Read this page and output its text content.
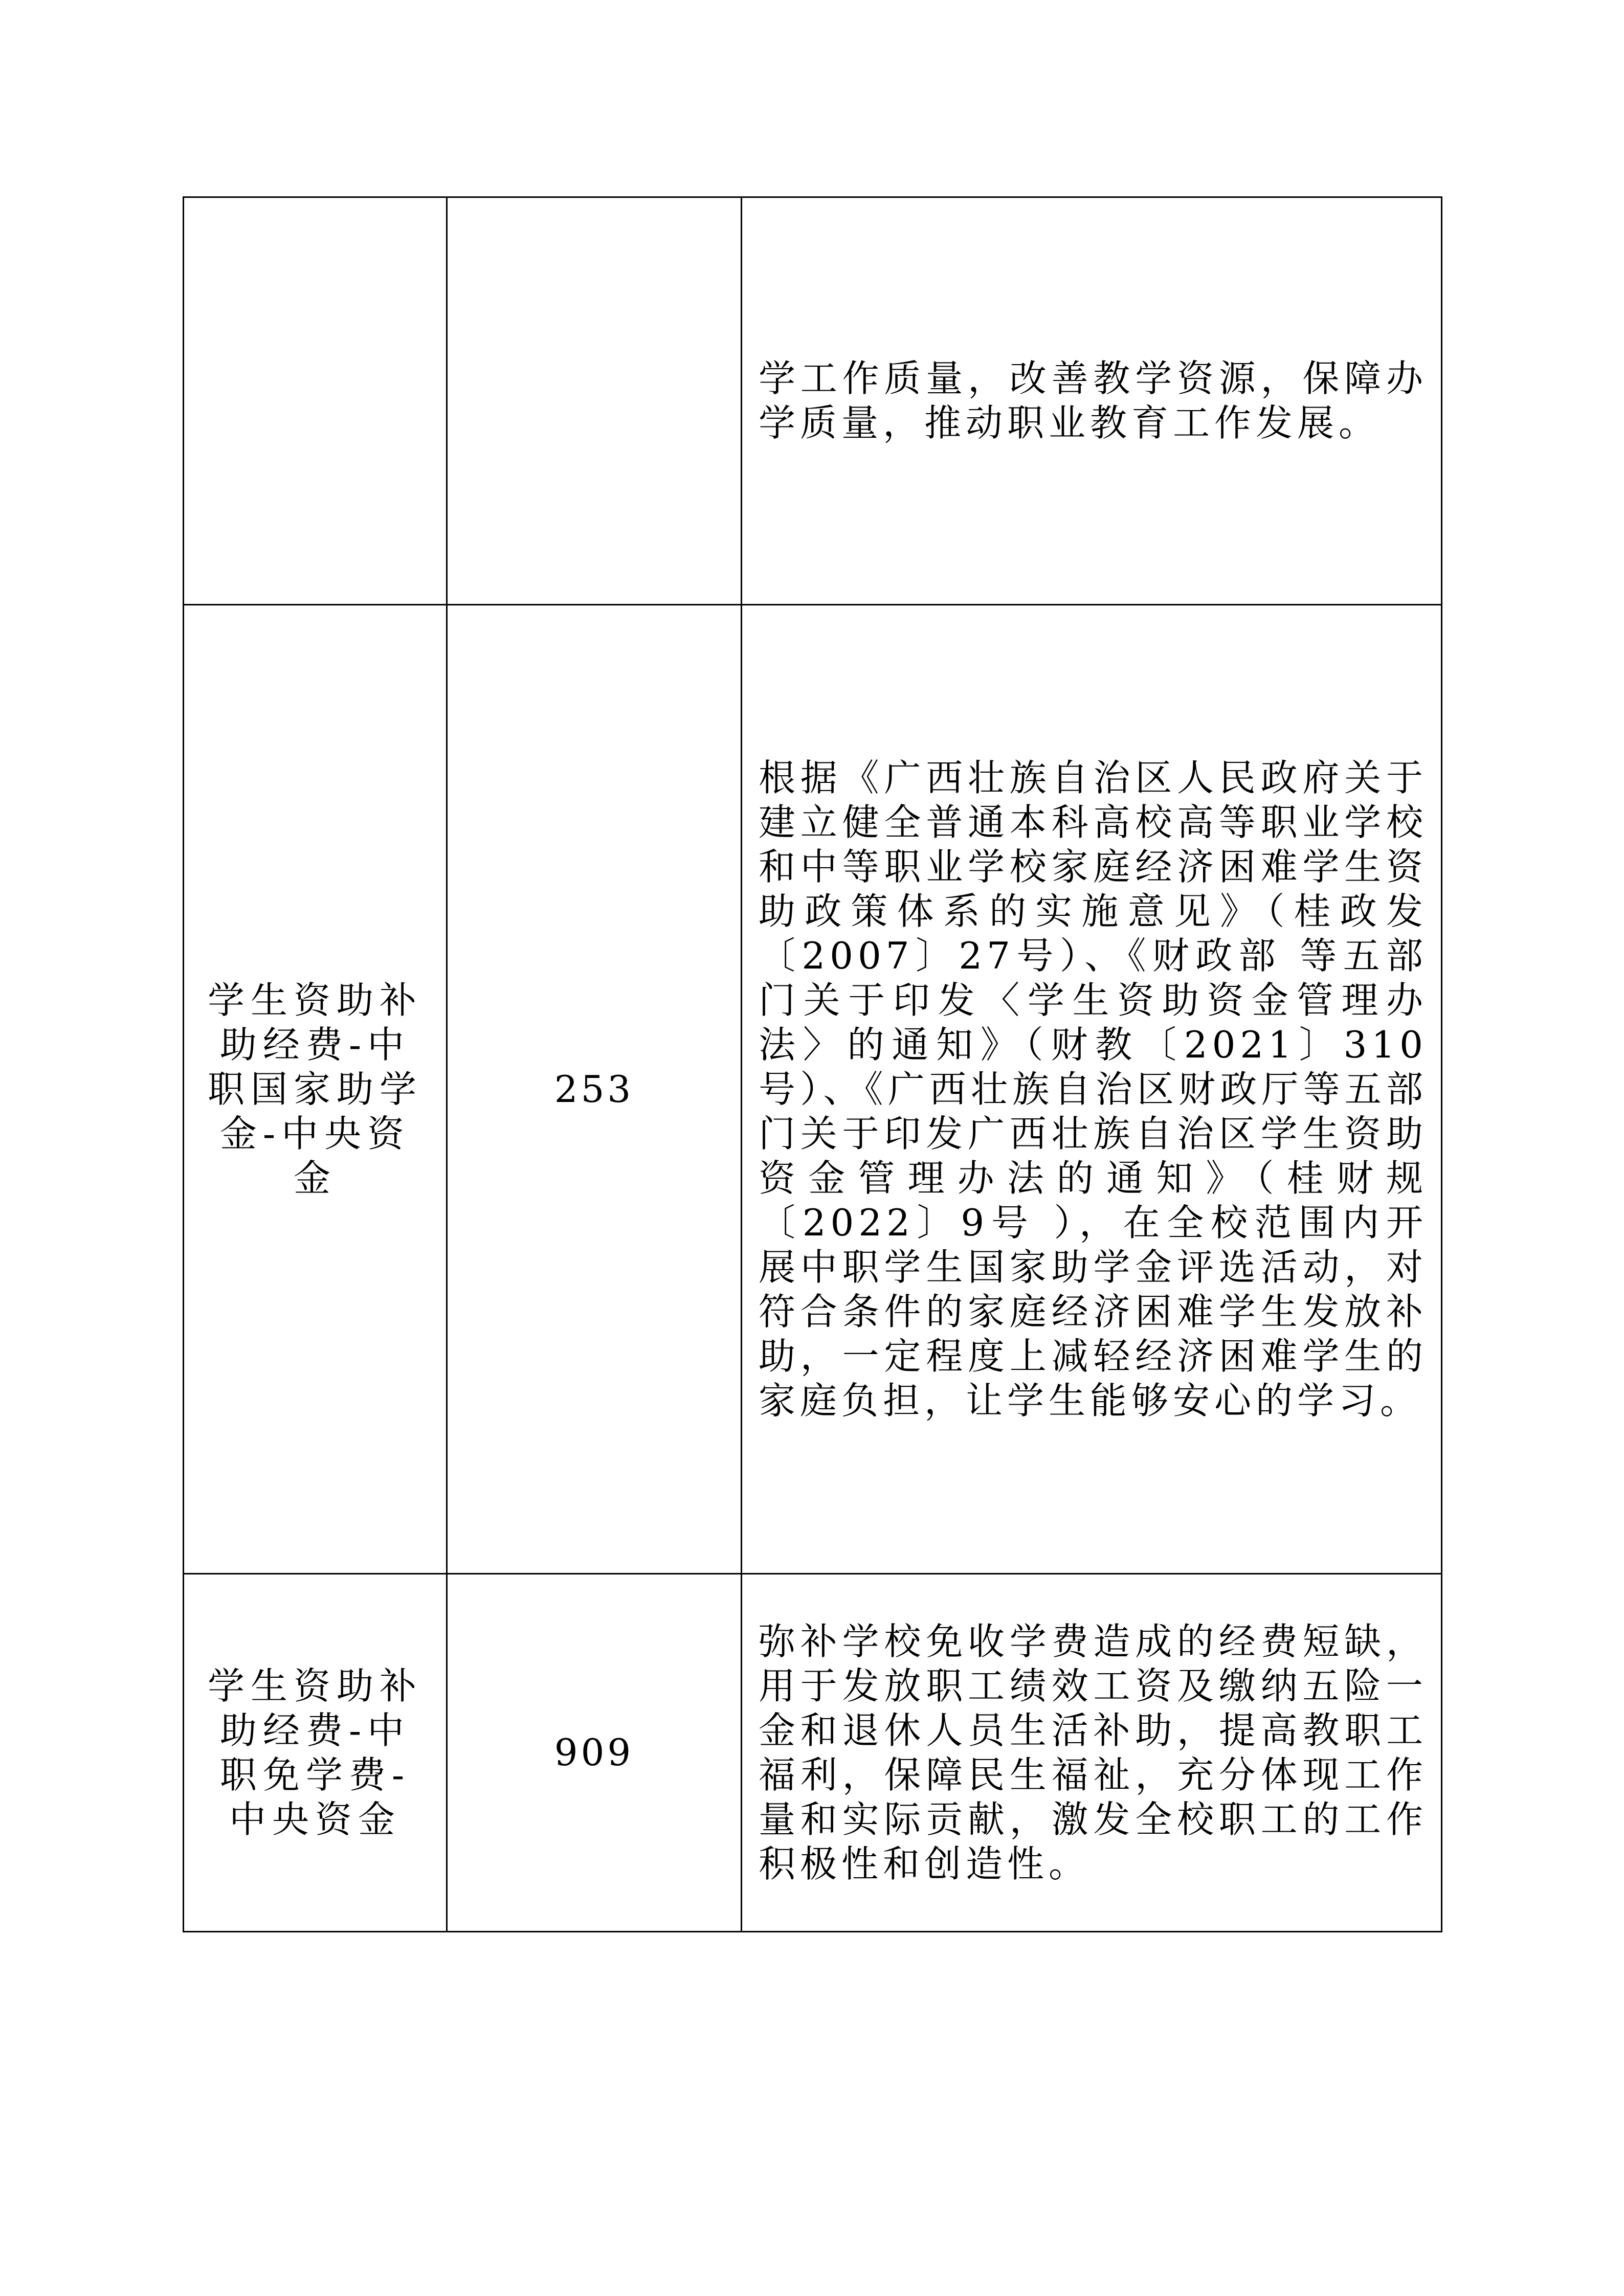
		学工作质量，改善教学资源，保障办学质量，推动职业教育工作发展。

学生资助补助经费-中职国家助学金-中央资金	253	根据《广西壮族自治区人民政府关于建立健全普通本科高校高等职业学校和中等职业学校家庭经济困难学生资助政策体系的实施意见》（桂政发〔2007〕27号）、《财政部 等五部门关于印发〈学生资助资金管理办法〉的通知》（财教〔2021〕310号）、《广西壮族自治区财政厅等五部门关于印发广西壮族自治区学生资助资金管理办法的通知》（桂财规〔2022〕9号 ），在全校范围内开展中职学生国家助学金评选活动，对符合条件的家庭经济困难学生发放补助，一定程度上减轻经济困难学生的家庭负担，让学生能够安心的学习。

学生资助补助经费-中职免学费-中央资金	909	弥补学校免收学费造成的经费短缺，用于发放职工绩效工资及缴纳五险一金和退休人员生活补助，提高教职工福利，保障民生福祉，充分体现工作量和实际贡献，激发全校职工的工作积极性和创造性。
